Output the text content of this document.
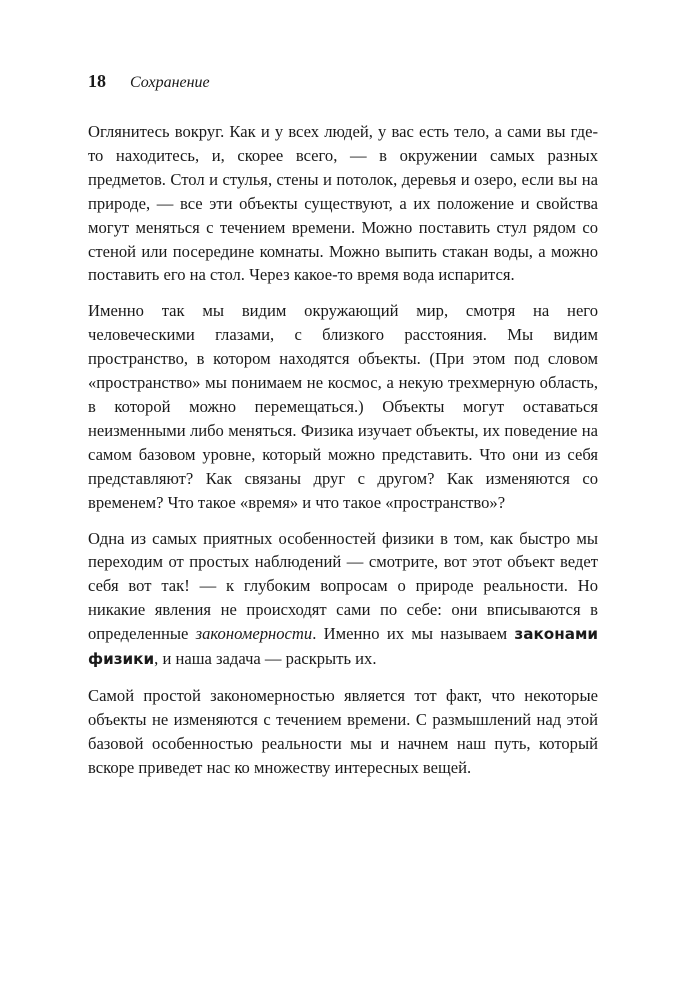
18 Сохранение

Оглянитесь вокруг. Как и у всех людей, у вас есть тело, а сами вы где-то находитесь, и, скорее всего, — в окружении самых разных предметов. Стол и стулья, стены и потолок, деревья и озеро, если вы на природе, — все эти объекты существуют, а их положение и свойства могут меняться с течением времени. Можно поставить стул рядом со стеной или посередине комнаты. Можно выпить стакан воды, а можно поставить его на стол. Через какое-то время вода испарится.

Именно так мы видим окружающий мир, смотря на него человеческими глазами, с близкого расстояния. Мы видим пространство, в котором находятся объекты. (При этом под словом «пространство» мы понимаем не космос, а некую трехмерную область, в которой можно перемещаться.) Объекты могут оставаться неизменными либо меняться. Физика изучает объекты, их поведение на самом базовом уровне, который можно представить. Что они из себя представляют? Как связаны друг с другом? Как изменяются со временем? Что такое «время» и что такое «пространство»?

Одна из самых приятных особенностей физики в том, как быстро мы переходим от простых наблюдений — смотрите, вот этот объект ведет себя вот так! — к глубоким вопросам о природе реальности. Но никакие явления не происходят сами по себе: они вписываются в определенные закономерности. Именно их мы называем законами физики, и наша задача — раскрыть их.

Самой простой закономерностью является тот факт, что некоторые объекты не изменяются с течением времени. С размышлений над этой базовой особенностью реальности мы и начнем наш путь, который вскоре приведет нас ко множеству интересных вещей.
